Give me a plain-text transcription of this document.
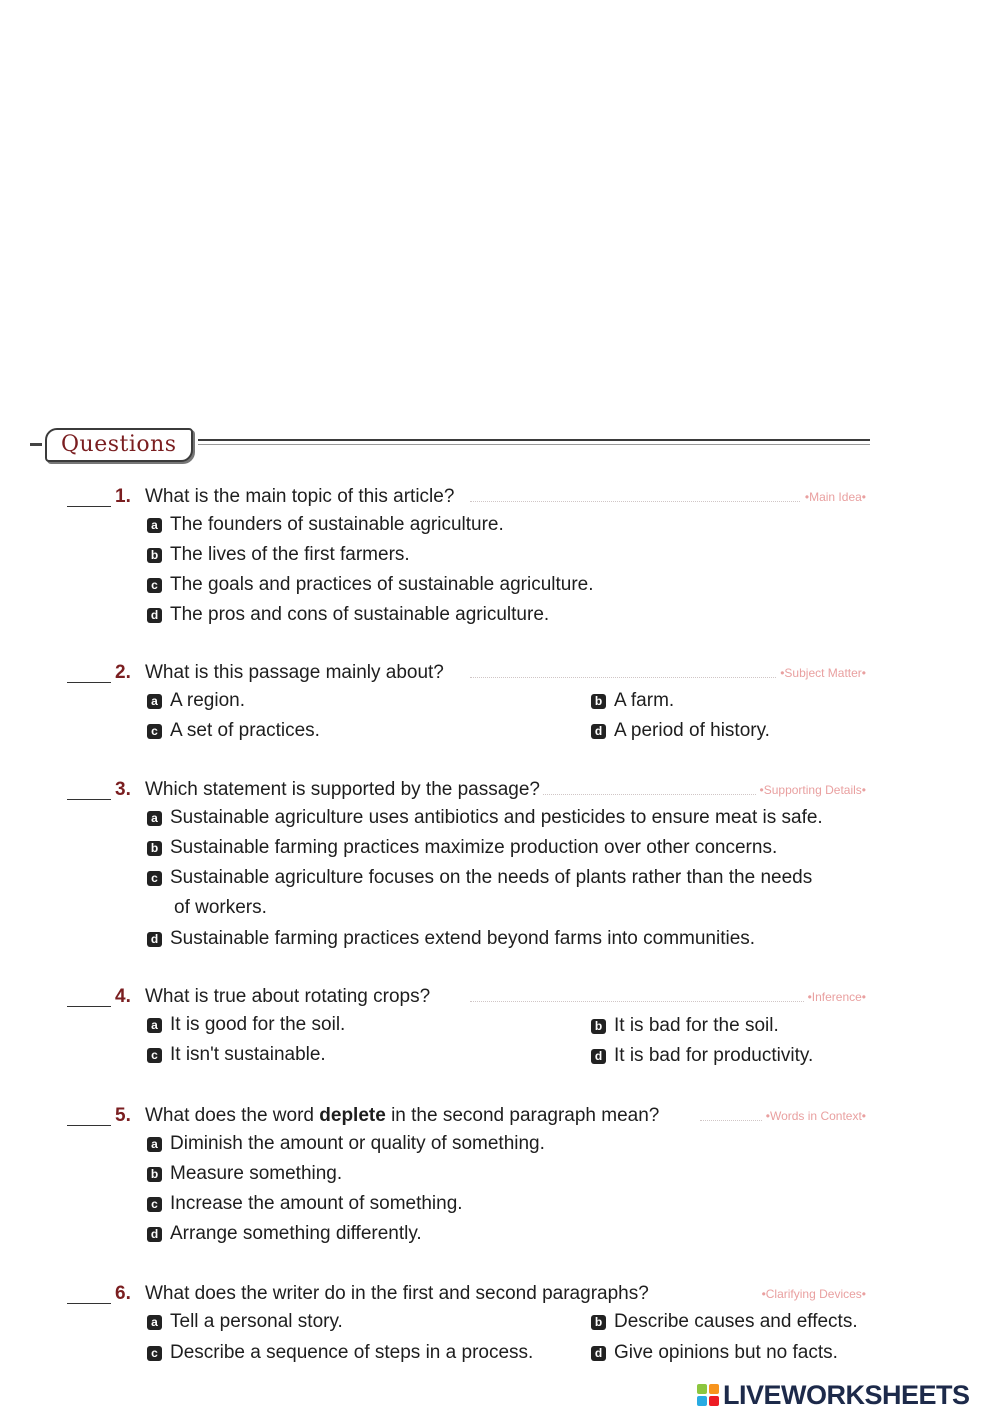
Questions
1. What is the main topic of this article?	•Main Idea•
a The founders of sustainable agriculture.
b The lives of the first farmers.
c The goals and practices of sustainable agriculture.
d The pros and cons of sustainable agriculture.
2. What is this passage mainly about?	•Subject Matter•
a A region.	b A farm.
c A set of practices.	d A period of history.
3. Which statement is supported by the passage?	•Supporting Details•
a Sustainable agriculture uses antibiotics and pesticides to ensure meat is safe.
b Sustainable farming practices maximize production over other concerns.
c Sustainable agriculture focuses on the needs of plants rather than the needs
of workers.
d Sustainable farming practices extend beyond farms into communities.
4. What is true about rotating crops?	•Inference•
a It is good for the soil.	b It is bad for the soil.
c It isn't sustainable.	d It is bad for productivity.
5. What does the word deplete in the second paragraph mean?	•Words in Context•
a Diminish the amount or quality of something.
b Measure something.
c Increase the amount of something.
d Arrange something differently.
6. What does the writer do in the first and second paragraphs?	•Clarifying Devices•
a Tell a personal story.	b Describe causes and effects.
c Describe a sequence of steps in a process.	d Give opinions but no facts.
LIVEWORKSHEETS
